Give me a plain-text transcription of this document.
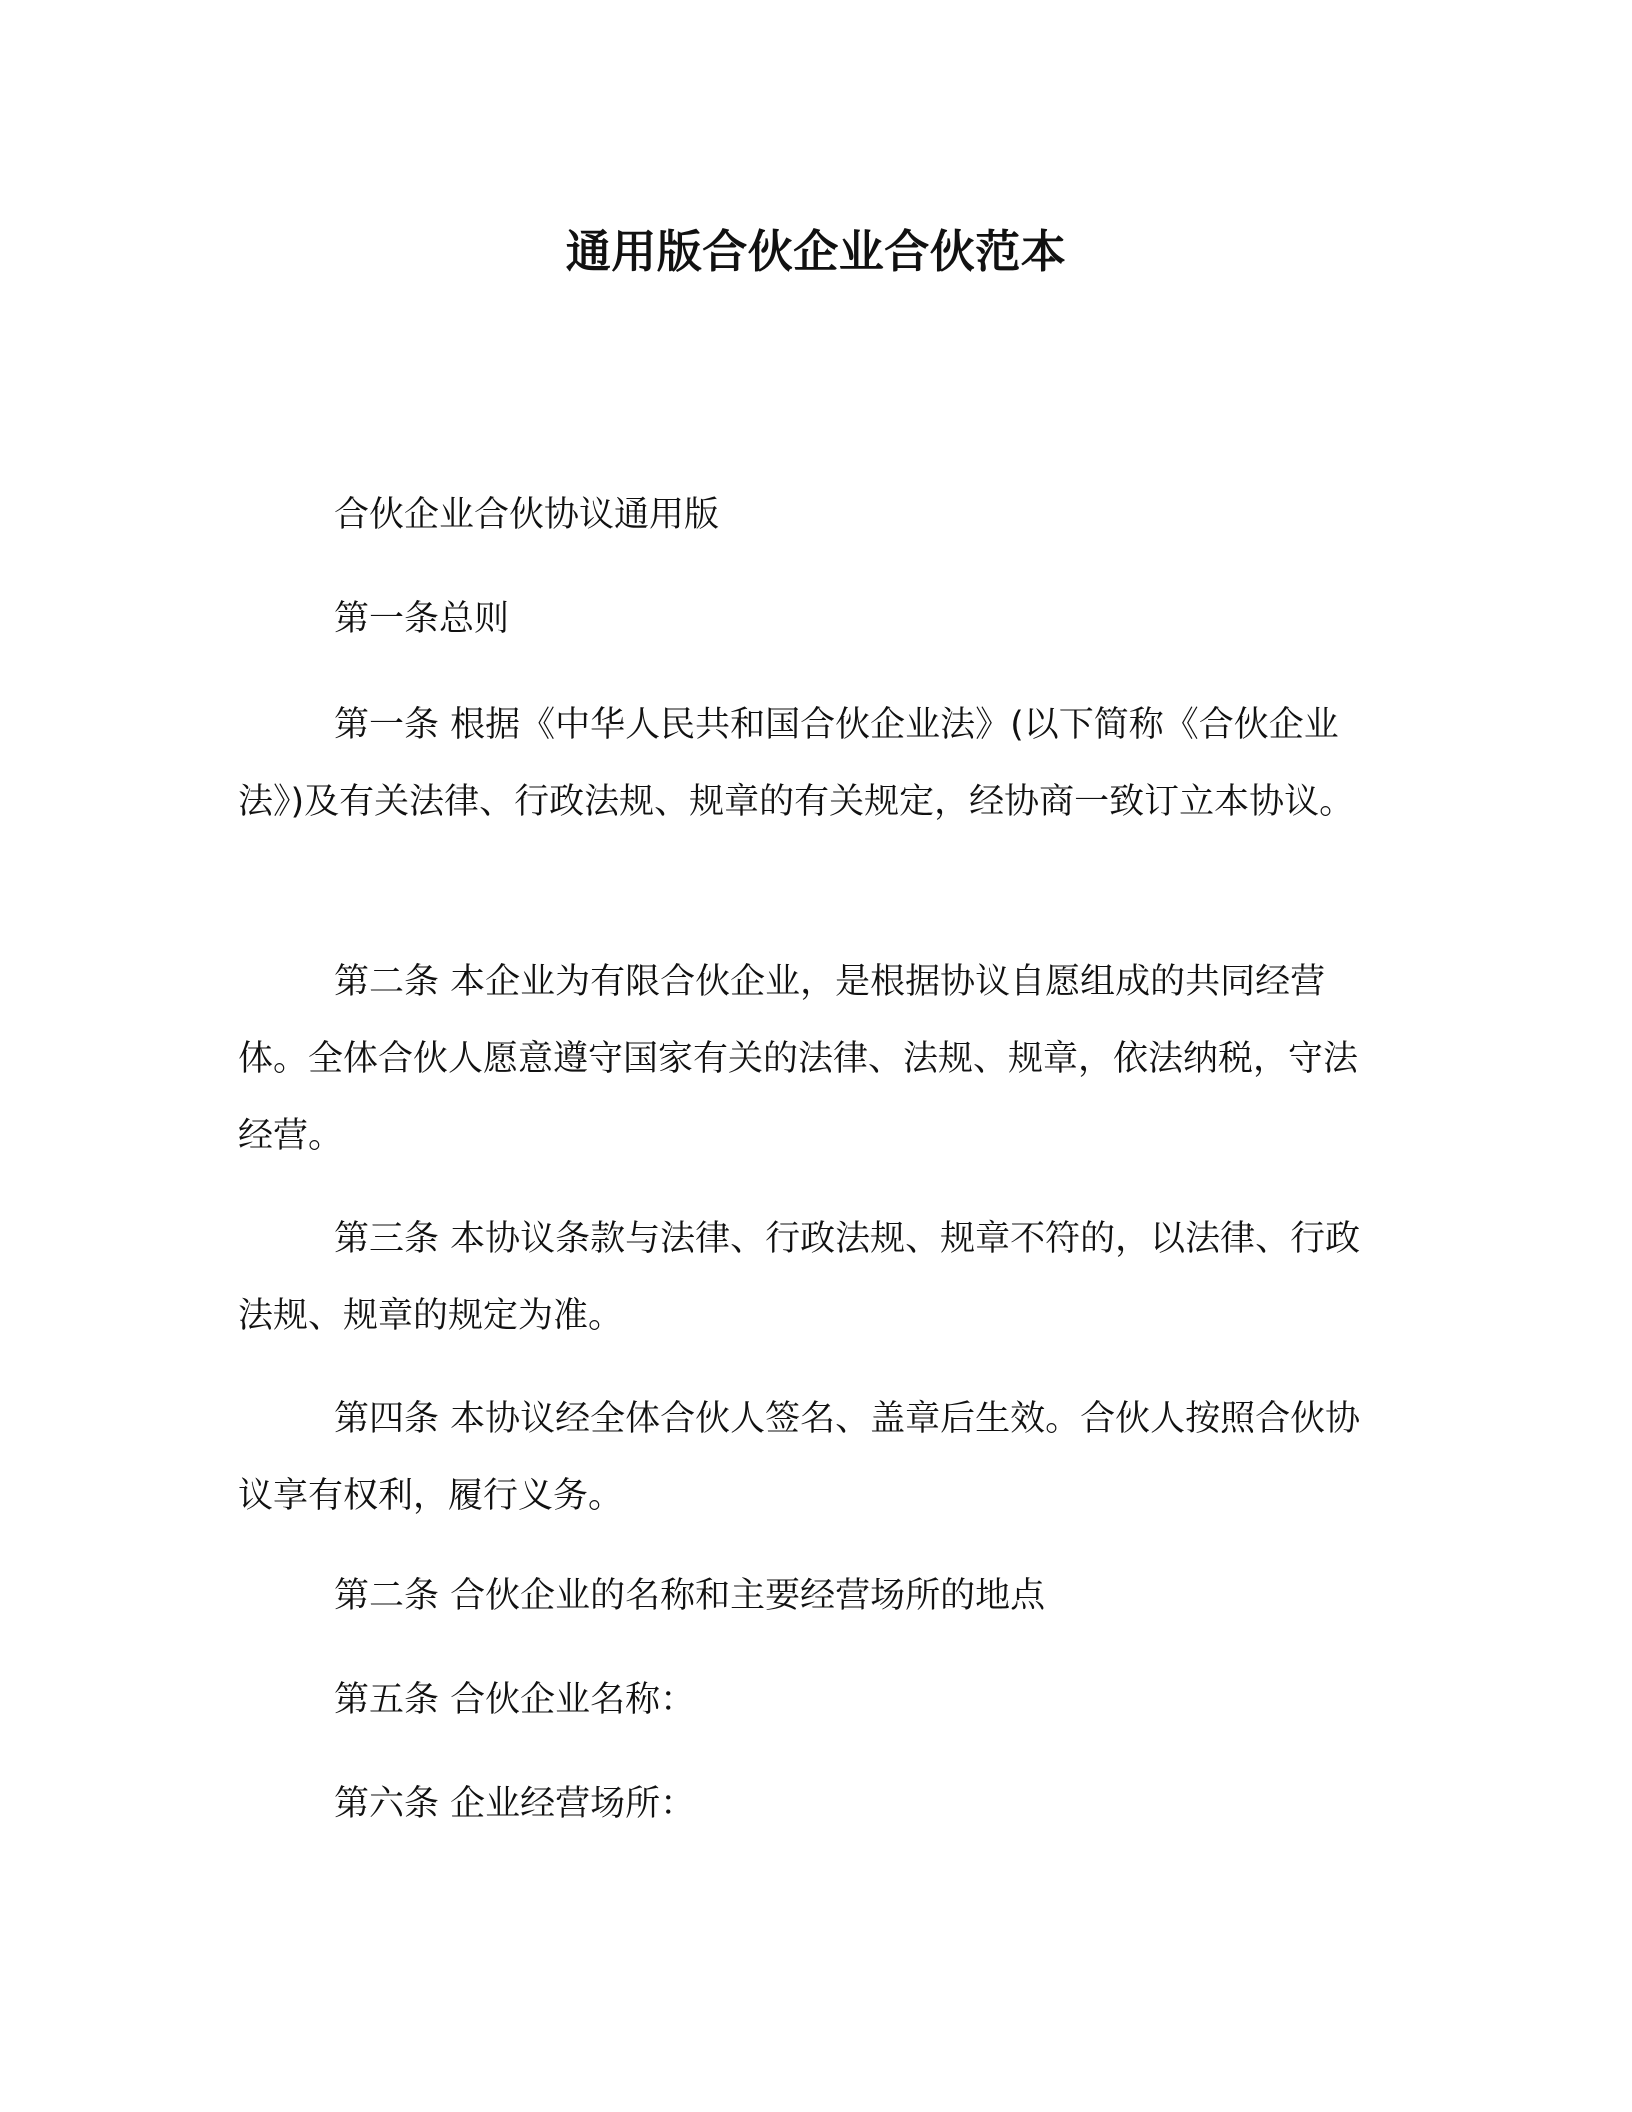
通用版合伙企业合伙范本

合伙企业合伙协议通用版

第一条总则

第一条 根据《中华人民共和国合伙企业法》(以下简称《合伙企业法》)及有关法律、行政法规、规章的有关规定，经协商一致订立本协议。

第二条 本企业为有限合伙企业，是根据协议自愿组成的共同经营体。全体合伙人愿意遵守国家有关的法律、法规、规章，依法纳税，守法经营。

第三条 本协议条款与法律、行政法规、规章不符的，以法律、行政法规、规章的规定为准。

第四条 本协议经全体合伙人签名、盖章后生效。合伙人按照合伙协议享有权利，履行义务。

第二条 合伙企业的名称和主要经营场所的地点

第五条 合伙企业名称：

第六条 企业经营场所：
